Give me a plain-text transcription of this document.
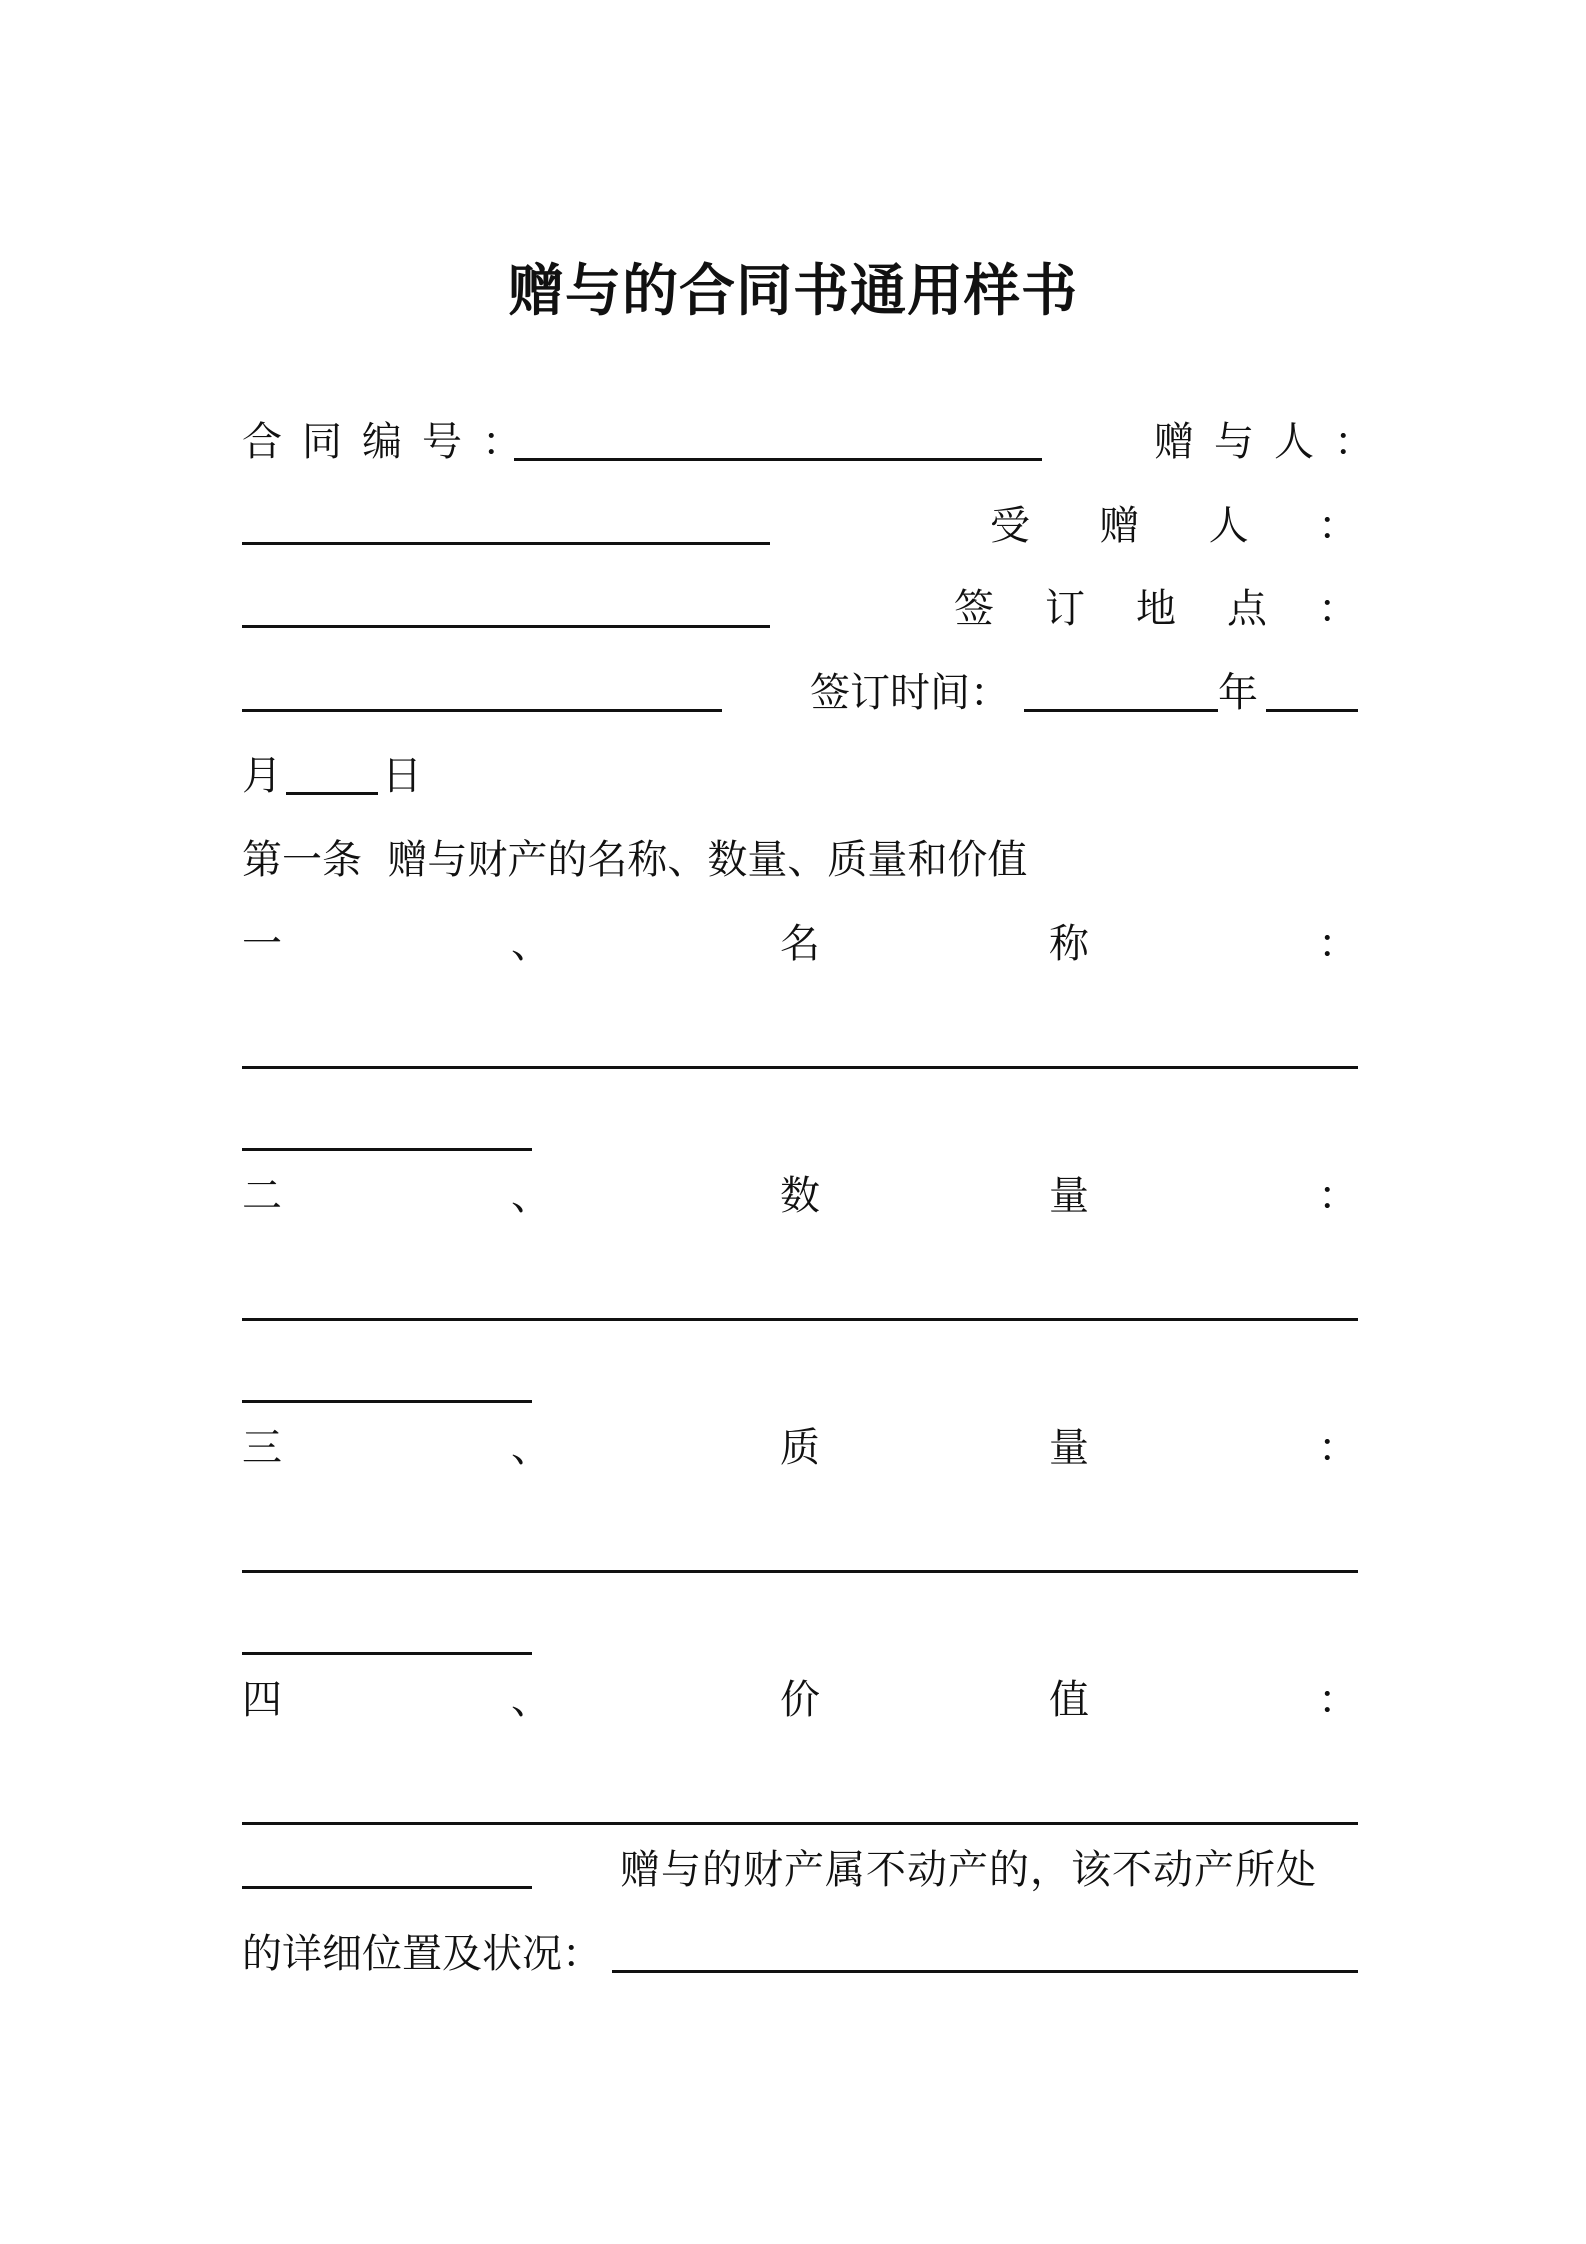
赠与的合同书通用样书
合同编号：	赠与人：
受 赠 人 ：
签 订 地 点 ：
签订时间：	年
月	日
第一条  赠与财产的名称、数量、质量和价值
一	、	名	称	：
二	、	数	量	：
三	、	质	量	：
四	、	价	值	：
赠与的财产属不动产的，该不动产所处
的详细位置及状况：
